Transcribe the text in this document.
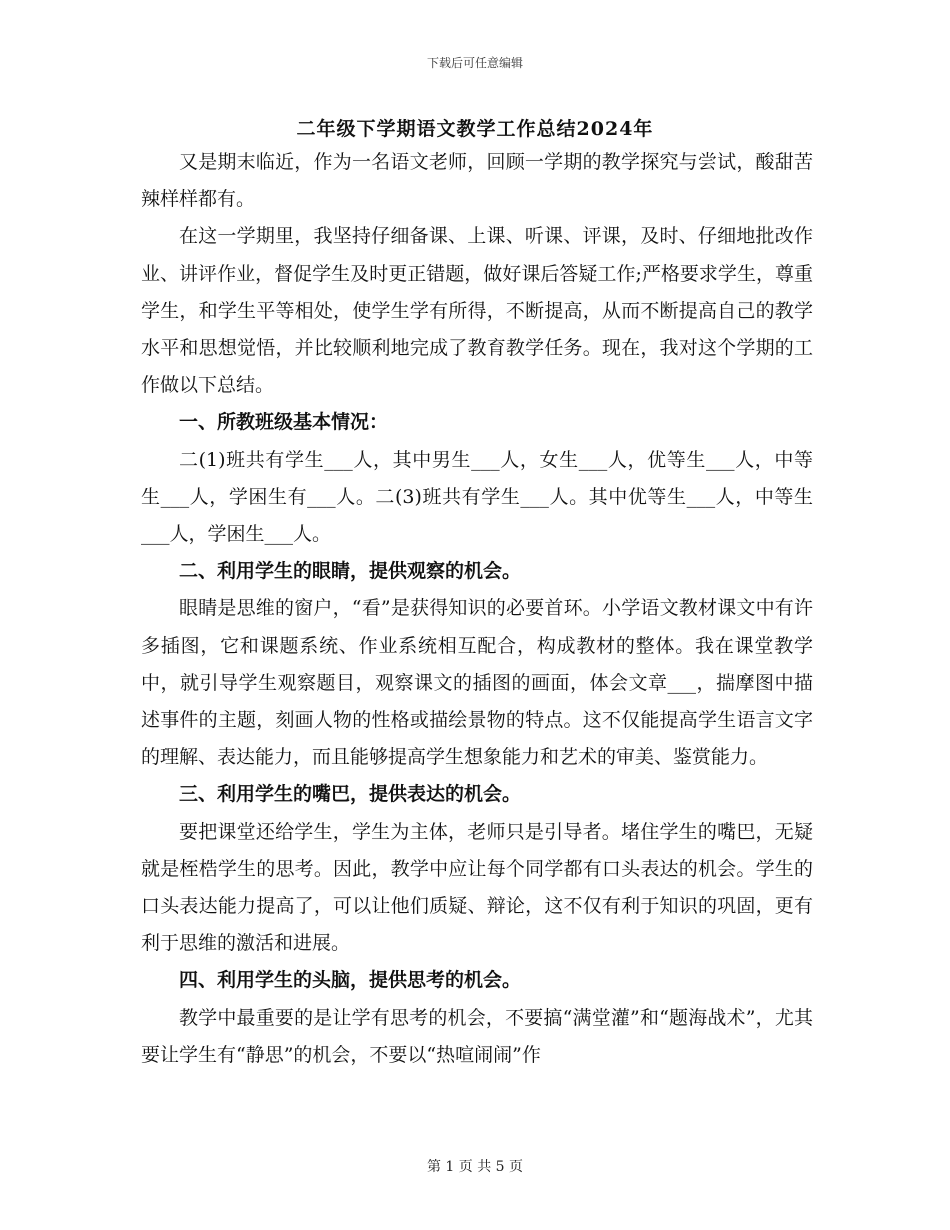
下载后可任意编辑
二年级下学期语文教学工作总结2024年

又是期末临近，作为一名语文老师，回顾一学期的教学探究与尝试，酸甜苦辣样样都有。

在这一学期里，我坚持仔细备课、上课、听课、评课，及时、仔细地批改作业、讲评作业，督促学生及时更正错题，做好课后答疑工作;严格要求学生，尊重学生，和学生平等相处，使学生学有所得，不断提高，从而不断提高自己的教学水平和思想觉悟，并比较顺利地完成了教育教学任务。现在，我对这个学期的工作做以下总结。

一、所教班级基本情况：

二(1)班共有学生___人，其中男生___人，女生___人，优等生___人，中等生___人，学困生有___人。二(3)班共有学生___人。其中优等生___人，中等生___人，学困生___人。

二、利用学生的眼睛，提供观察的机会。

眼睛是思维的窗户，“看”是获得知识的必要首环。小学语文教材课文中有许多插图，它和课题系统、作业系统相互配合，构成教材的整体。我在课堂教学中，就引导学生观察题目，观察课文的插图的画面，体会文章___，揣摩图中描述事件的主题，刻画人物的性格或描绘景物的特点。这不仅能提高学生语言文字的理解、表达能力，而且能够提高学生想象能力和艺术的审美、鉴赏能力。

三、利用学生的嘴巴，提供表达的机会。

要把课堂还给学生，学生为主体，老师只是引导者。堵住学生的嘴巴，无疑就是桎梏学生的思考。因此，教学中应让每个同学都有口头表达的机会。学生的口头表达能力提高了，可以让他们质疑、辩论，这不仅有利于知识的巩固，更有利于思维的激活和进展。

四、利用学生的头脑，提供思考的机会。

教学中最重要的是让学有思考的机会，不要搞“满堂灌”和“题海战术”，尤其要让学生有“静思”的机会，不要以“热喧闹闹”作

第 1 页 共 5 页
